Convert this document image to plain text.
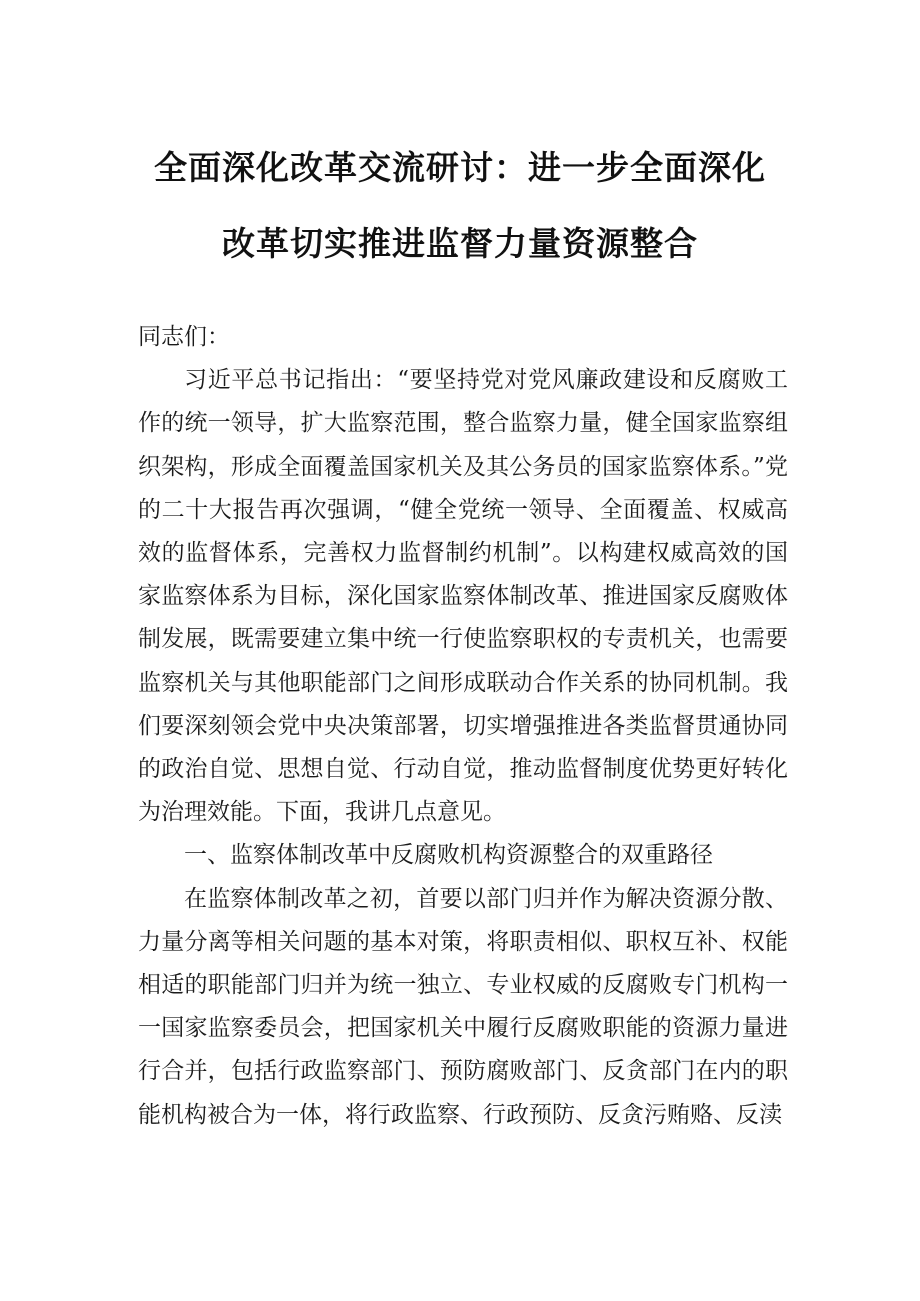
全面深化改革交流研讨：进一步全面深化
改革切实推进监督力量资源整合

同志们：

习近平总书记指出：“要坚持党对党风廉政建设和反腐败工作的统一领导，扩大监察范围，整合监察力量，健全国家监察组织架构，形成全面覆盖国家机关及其公务员的国家监察体系。”党的二十大报告再次强调，“健全党统一领导、全面覆盖、权威高效的监督体系，完善权力监督制约机制”。以构建权威高效的国家监察体系为目标，深化国家监察体制改革、推进国家反腐败体制发展，既需要建立集中统一行使监察职权的专责机关，也需要监察机关与其他职能部门之间形成联动合作关系的协同机制。我们要深刻领会党中央决策部署，切实增强推进各类监督贯通协同的政治自觉、思想自觉、行动自觉，推动监督制度优势更好转化为治理效能。下面，我讲几点意见。

一、监察体制改革中反腐败机构资源整合的双重路径

在监察体制改革之初，首要以部门归并作为解决资源分散、力量分离等相关问题的基本对策，将职责相似、职权互补、权能相适的职能部门归并为统一独立、专业权威的反腐败专门机构一一国家监察委员会，把国家机关中履行反腐败职能的资源力量进行合并，包括行政监察部门、预防腐败部门、反贪部门在内的职能机构被合为一体，将行政监察、行政预防、反贪污贿赂、反渎
